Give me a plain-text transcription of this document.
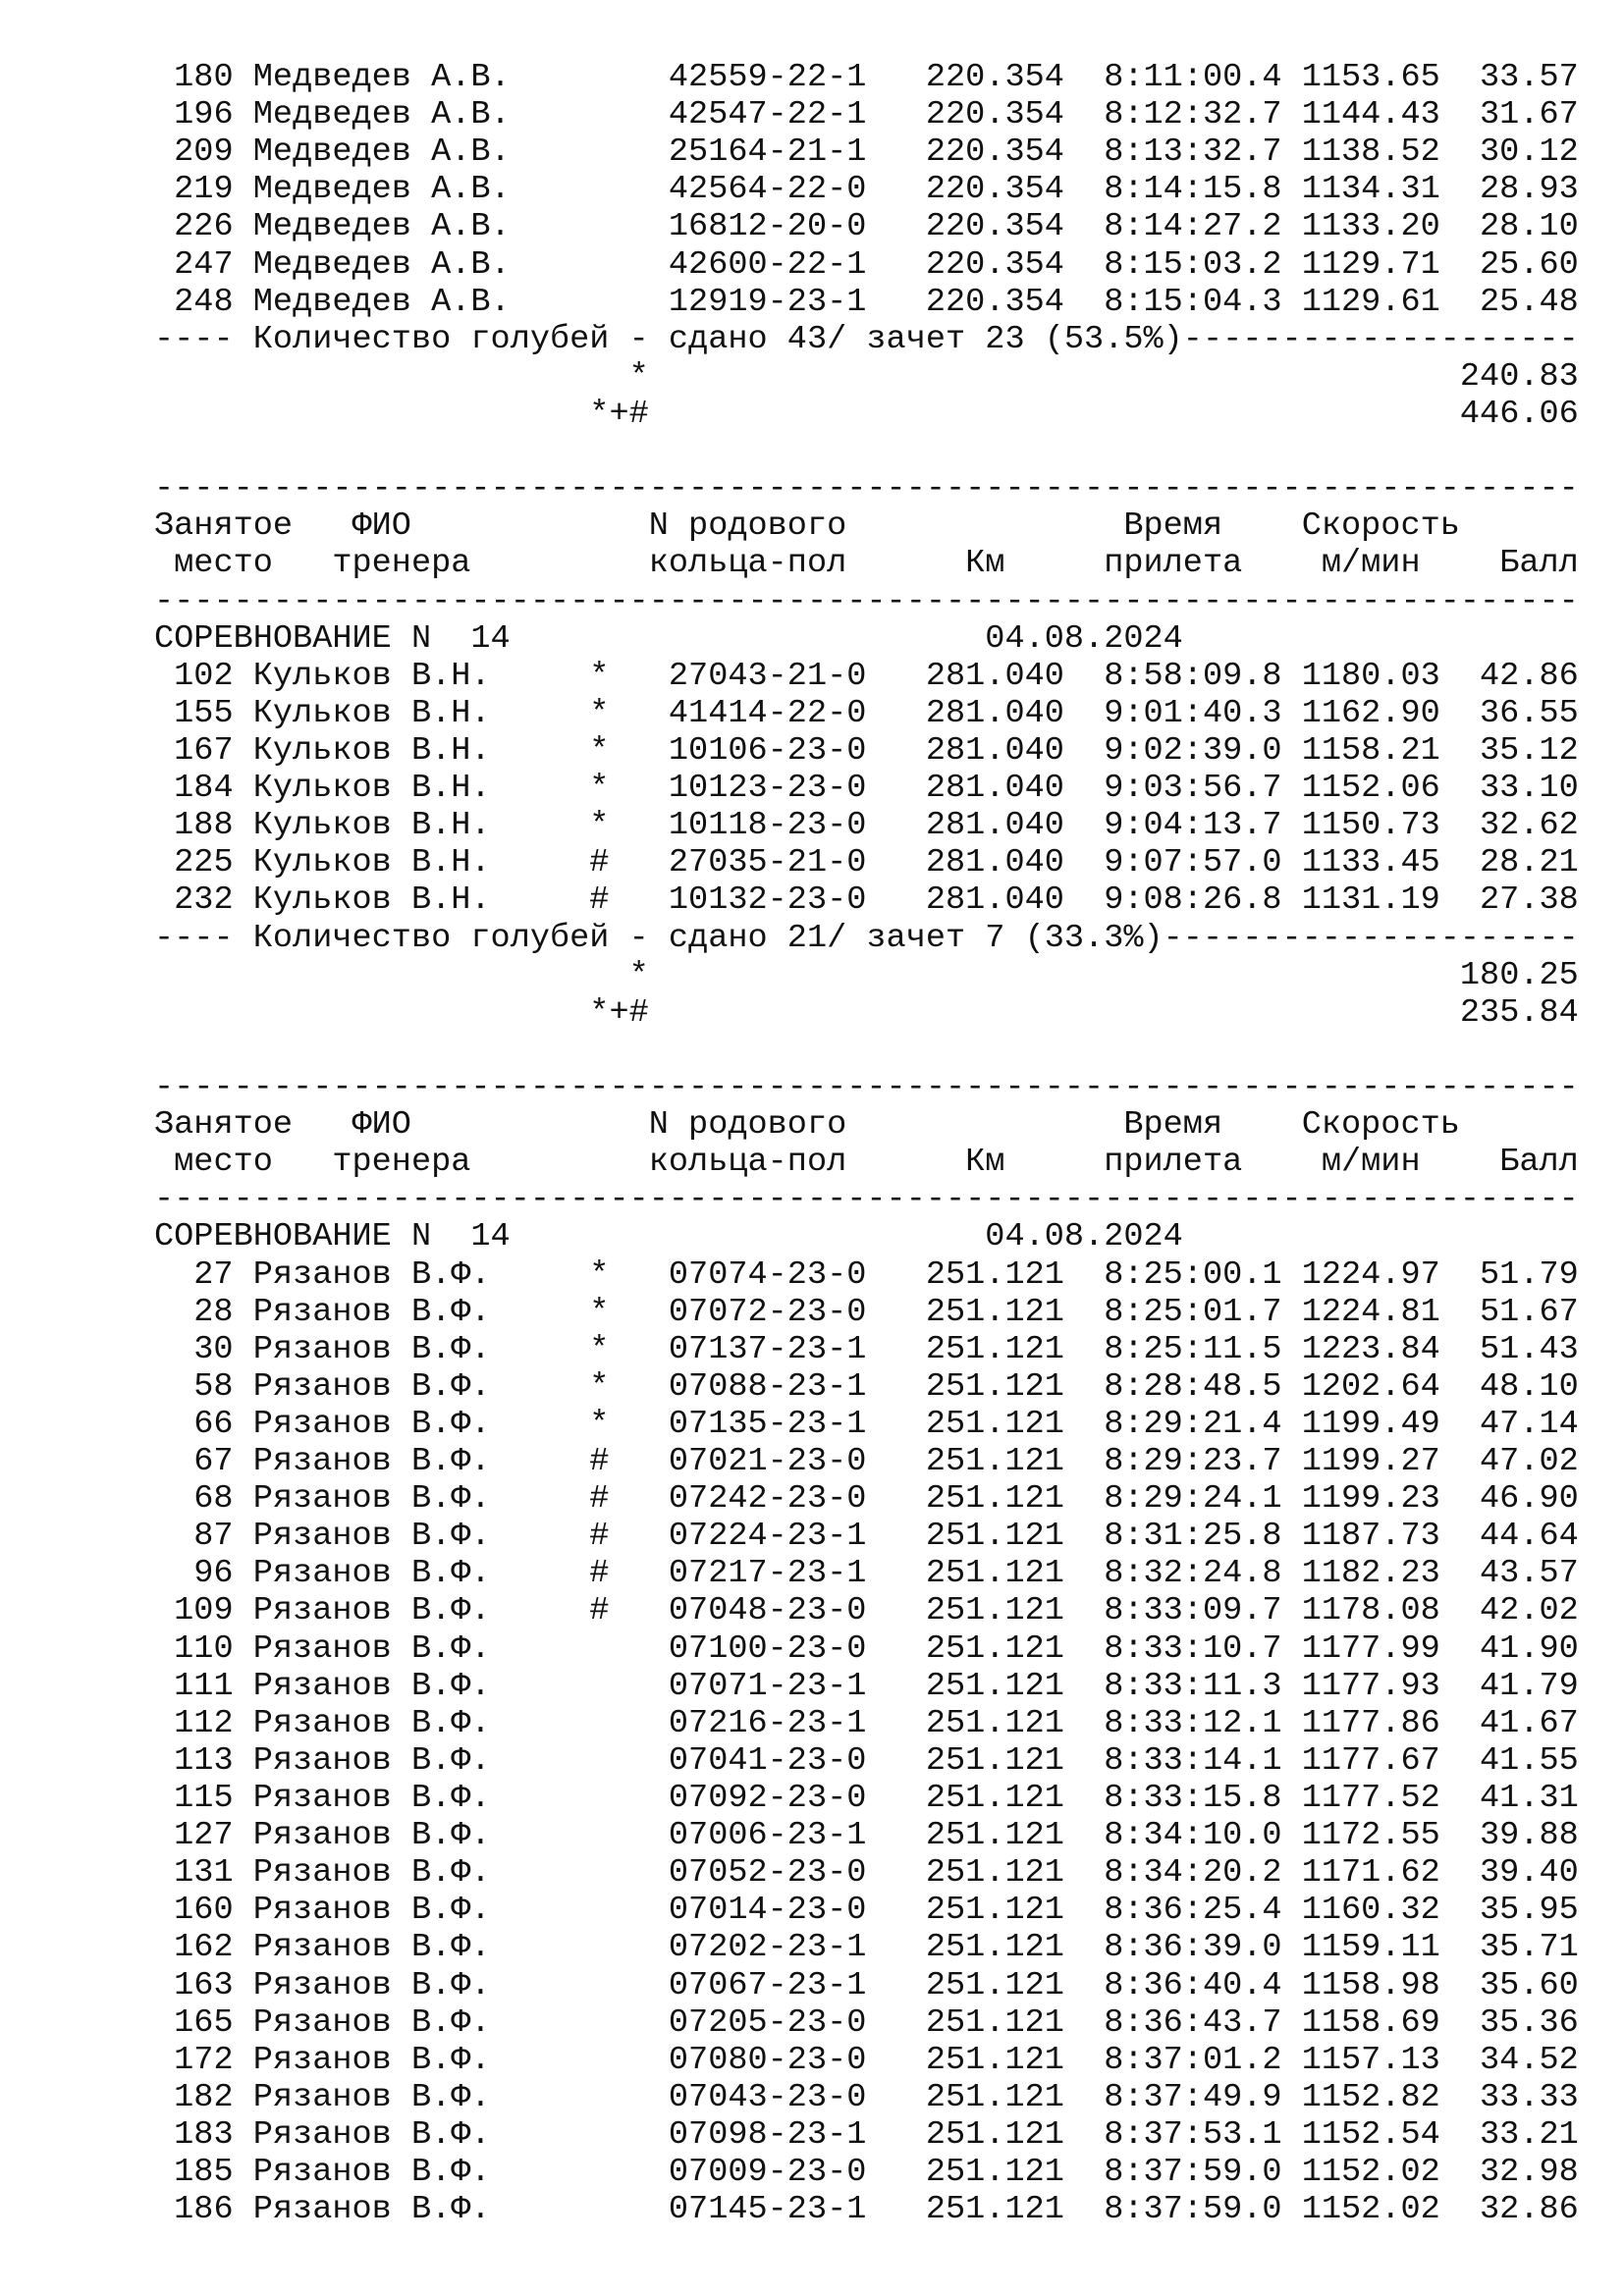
180 Медведев А.В.	42559-22-1 220.354 8:11:00.4 1153.65	33.57
196 Медведев А.В.	42547-22-1 220.354 8:12:32.7 1144.43	31.67
209 Медведев А.В.	25164-21-1 220.354 8:13:32.7 1138.52	30.12
219 Медведев А.В.	42564-22-0 220.354 8:14:15.8 1134.31	28.93
226 Медведев А.В.	16812-20-0 220.354 8:14:27.2 1133.20	28.10
247 Медведев А.В.	42600-22-1 220.354 8:15:03.2 1129.71	25.60
248 Медведев А.В.	12919-23-1 220.354 8:15:04.3 1129.61	25.48
---- Количество голубей - сдано 43/ зачет 23 (53.5%)--------------------
*	240.83
*+#	446.06
------------------------------------------------------------------------
Занятое ФИО	N родового	Время Скорость
место тренера	кольца-пол	Км	прилета м/мин Балл
------------------------------------------------------------------------
СОРЕВНОВАНИЕ N  14	04.08.2024
102 Кульков В.Н.	* 27043-21-0 281.040 8:58:09.8 1180.03	42.86
155 Кульков В.Н.	* 41414-22-0 281.040 9:01:40.3 1162.90	36.55
167 Кульков В.Н.	* 10106-23-0 281.040 9:02:39.0 1158.21	35.12
184 Кульков В.Н.	* 10123-23-0 281.040 9:03:56.7 1152.06	33.10
188 Кульков В.Н.	* 10118-23-0 281.040 9:04:13.7 1150.73	32.62
225 Кульков В.Н.	# 27035-21-0 281.040 9:07:57.0 1133.45	28.21
232 Кульков В.Н.	# 10132-23-0 281.040 9:08:26.8 1131.19	27.38
---- Количество голубей - сдано 21/ зачет 7 (33.3%)---------------------
*	180.25
*+#	235.84
------------------------------------------------------------------------
Занятое ФИО	N родового	Время Скорость
место тренера	кольца-пол	Км	прилета м/мин Балл
------------------------------------------------------------------------
СОРЕВНОВАНИЕ N  14	04.08.2024
27 Рязанов В.Ф.	* 07074-23-0 251.121 8:25:00.1 1224.97	51.79
28 Рязанов В.Ф.	* 07072-23-0 251.121 8:25:01.7 1224.81	51.67
30 Рязанов В.Ф.	* 07137-23-1 251.121 8:25:11.5 1223.84	51.43
58 Рязанов В.Ф.	* 07088-23-1 251.121 8:28:48.5 1202.64	48.10
66 Рязанов В.Ф.	* 07135-23-1 251.121 8:29:21.4 1199.49	47.14
67 Рязанов В.Ф.	# 07021-23-0 251.121 8:29:23.7 1199.27	47.02
68 Рязанов В.Ф.	# 07242-23-0 251.121 8:29:24.1 1199.23	46.90
87 Рязанов В.Ф.	# 07224-23-1 251.121 8:31:25.8 1187.73	44.64
96 Рязанов В.Ф.	# 07217-23-1 251.121 8:32:24.8 1182.23	43.57
109 Рязанов В.Ф.	# 07048-23-0 251.121 8:33:09.7 1178.08	42.02
110 Рязанов В.Ф.	07100-23-0 251.121 8:33:10.7 1177.99	41.90
111 Рязанов В.Ф.	07071-23-1 251.121 8:33:11.3 1177.93	41.79
112 Рязанов В.Ф.	07216-23-1 251.121 8:33:12.1 1177.86	41.67
113 Рязанов В.Ф.	07041-23-0 251.121 8:33:14.1 1177.67	41.55
115 Рязанов В.Ф.	07092-23-0 251.121 8:33:15.8 1177.52	41.31
127 Рязанов В.Ф.	07006-23-1 251.121 8:34:10.0 1172.55	39.88
131 Рязанов В.Ф.	07052-23-0 251.121 8:34:20.2 1171.62	39.40
160 Рязанов В.Ф.	07014-23-0 251.121 8:36:25.4 1160.32	35.95
162 Рязанов В.Ф.	07202-23-1 251.121 8:36:39.0 1159.11	35.71
163 Рязанов В.Ф.	07067-23-1 251.121 8:36:40.4 1158.98	35.60
165 Рязанов В.Ф.	07205-23-0 251.121 8:36:43.7 1158.69	35.36
172 Рязанов В.Ф.	07080-23-0 251.121 8:37:01.2 1157.13	34.52
182 Рязанов В.Ф.	07043-23-0 251.121 8:37:49.9 1152.82	33.33
183 Рязанов В.Ф.	07098-23-1 251.121 8:37:53.1 1152.54	33.21
185 Рязанов В.Ф.	07009-23-0 251.121 8:37:59.0 1152.02	32.98
186 Рязанов В.Ф.	07145-23-1 251.121 8:37:59.0 1152.02	32.86
